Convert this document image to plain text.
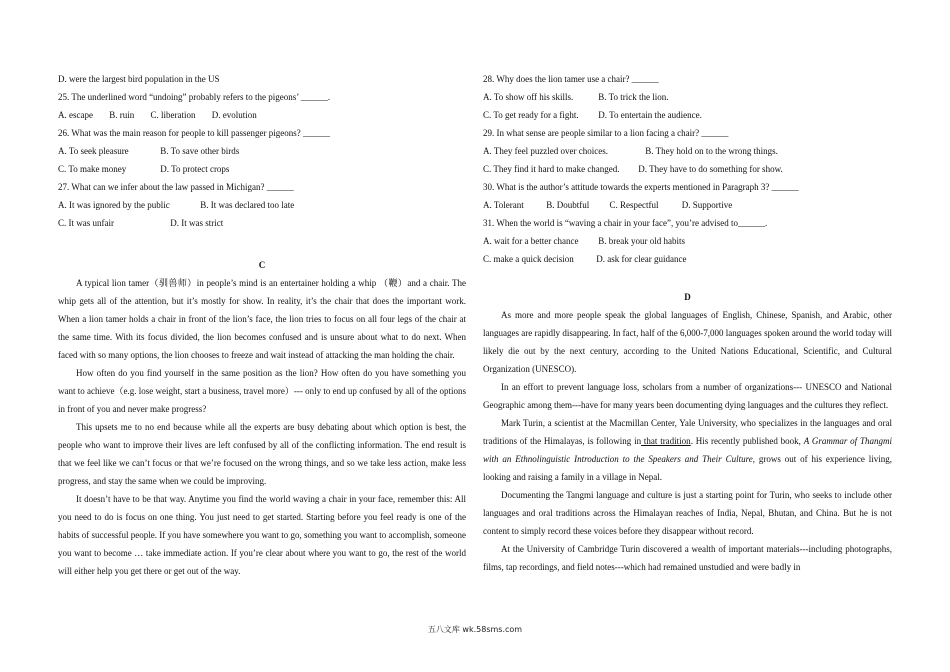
D. were the largest bird population in the US
25. The underlined word “undoing” probably refers to the pigeons’ ______.
A. escape B. ruin C. liberation D. evolution
26. What was the main reason for people to kill passenger pigeons? ______
A. To seek pleasure	B. To save other birds
C. To make money	D. To protect crops
27. What can we infer about the law passed in Michigan? ______
A. It was ignored by the public	B. It was declared too late
C. It was unfair	D. It was strict
C

A typical lion tamer（驯兽师）in people’s mind is an entertainer holding a whip （鞭）and a chair. The whip gets all of the attention, but it’s mostly for show. In reality, it’s the chair that does the important work. When a lion tamer holds a chair in front of the lion’s face, the lion tries to focus on all four legs of the chair at the same time. With its focus divided, the lion becomes confused and is unsure about what to do next. When faced with so many options, the lion chooses to freeze and wait instead of attacking the man holding the chair.

How often do you find yourself in the same position as the lion? How often do you have something you want to achieve（e.g. lose weight, start a business, travel more）--- only to end up confused by all of the options in front of you and never make progress?

This upsets me to no end because while all the experts are busy debating about which option is best, the people who want to improve their lives are left confused by all of the conflicting information. The end result is that we feel like we can’t focus or that we’re focused on the wrong things, and so we take less action, make less progress, and stay the same when we could be improving.

It doesn’t have to be that way. Anytime you find the world waving a chair in your face, remember this: All you need to do is focus on one thing. You just need to get started. Starting before you feel ready is one of the habits of successful people. If you have somewhere you want to go, something you want to accomplish, someone you want to become … take immediate action. If you’re clear about where you want to go, the rest of the world will either help you get there or get out of the way.

28. Why does the lion tamer use a chair? ______
A. To show off his skills.	B. To trick the lion.
C. To get ready for a fight. D. To entertain the audience.
29. In what sense are people similar to a lion facing a chair? ______
A. They feel puzzled over choices.	B. They hold on to the wrong things.
C. They find it hard to make changed. D. They have to do something for show.
30. What is the author’s attitude towards the experts mentioned in Paragraph 3? ______
A. Tolerant	B. Doubtful C. Respectful	D. Supportive
31. When the world is “waving a chair in your face”, you’re advised to______.
A. wait for a better chance B. break your old habits
C. make a quick decision	D. ask for clear guidance
D

As more and more people speak the global languages of English, Chinese, Spanish, and Arabic, other languages are rapidly disappearing. In fact, half of the 6,000-7,000 languages spoken around the world today will likely die out by the next century, according to the United Nations Educational, Scientific, and Cultural Organization (UNESCO).

In an effort to prevent language loss, scholars from a number of organizations--- UNESCO and National Geographic among them---have for many years been documenting dying languages and the cultures they reflect.

Mark Turin, a scientist at the Macmillan Center, Yale University, who specializes in the languages and oral traditions of the Himalayas, is following in that tradition. His recently published book, A Grammar of Thangmi with an Ethnolinguistic Introduction to the Speakers and Their Culture, grows out of his experience living, looking and raising a family in a village in Nepal.

Documenting the Tangmi language and culture is just a starting point for Turin, who seeks to include other languages and oral traditions across the Himalayan reaches of India, Nepal, Bhutan, and China. But he is not content to simply record these voices before they disappear without record.

At the University of Cambridge Turin discovered a wealth of important materials---including photographs, films, tap recordings, and field notes---which had remained unstudied and were badly in

五八文库 wk.58sms.com
